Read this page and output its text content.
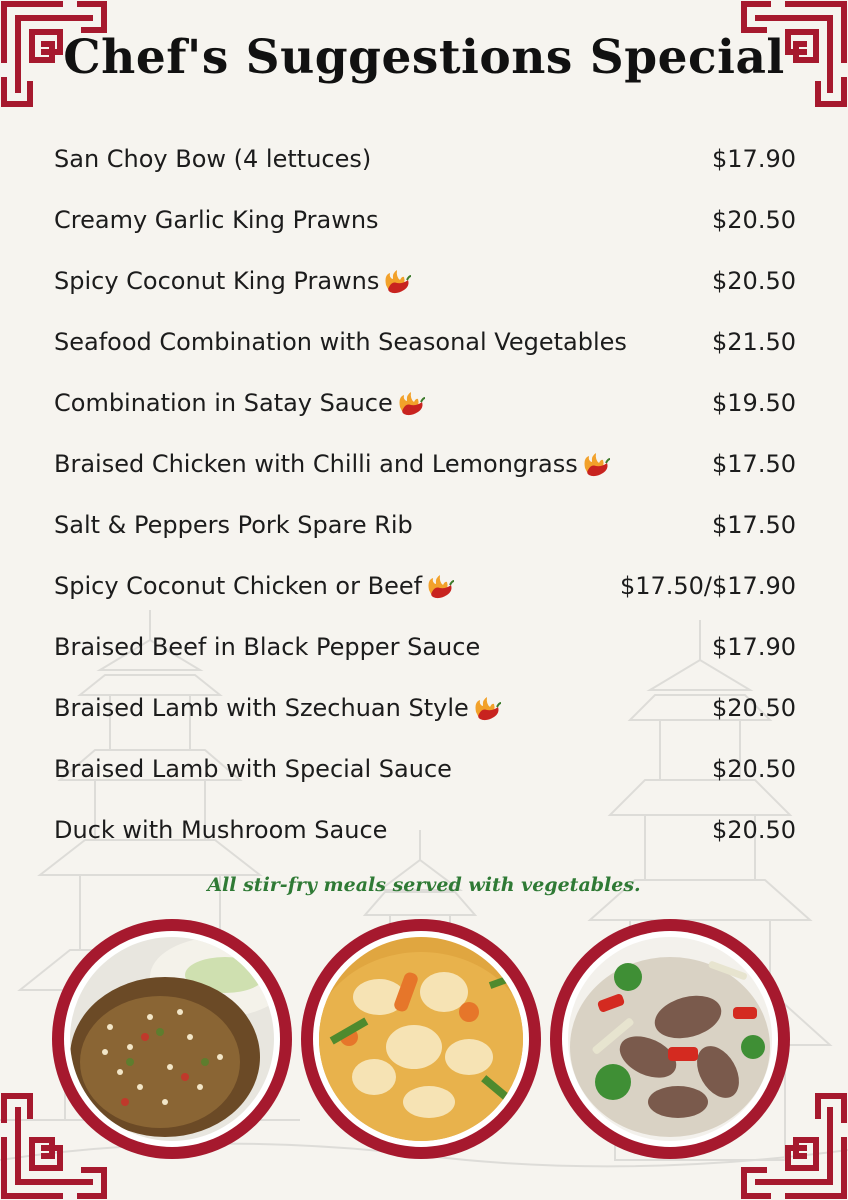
Chef's Suggestions Special
San Choy Bow (4 lettuces)	$17.90
Creamy Garlic King Prawns	$20.50
Spicy Coconut King Prawns	$20.50
Seafood Combination with Seasonal Vegetables	$21.50
Combination in Satay Sauce	$19.50
Braised Chicken with Chilli and Lemongrass	$17.50
Salt & Peppers Pork Spare Rib	$17.50
Spicy Coconut Chicken or Beef	$17.50/$17.90
Braised Beef in Black Pepper Sauce	$17.90
Braised Lamb with Szechuan Style	$20.50
Braised Lamb with Special Sauce	$20.50
Duck with Mushroom Sauce	$20.50
All stir-fry meals served with vegetables.
